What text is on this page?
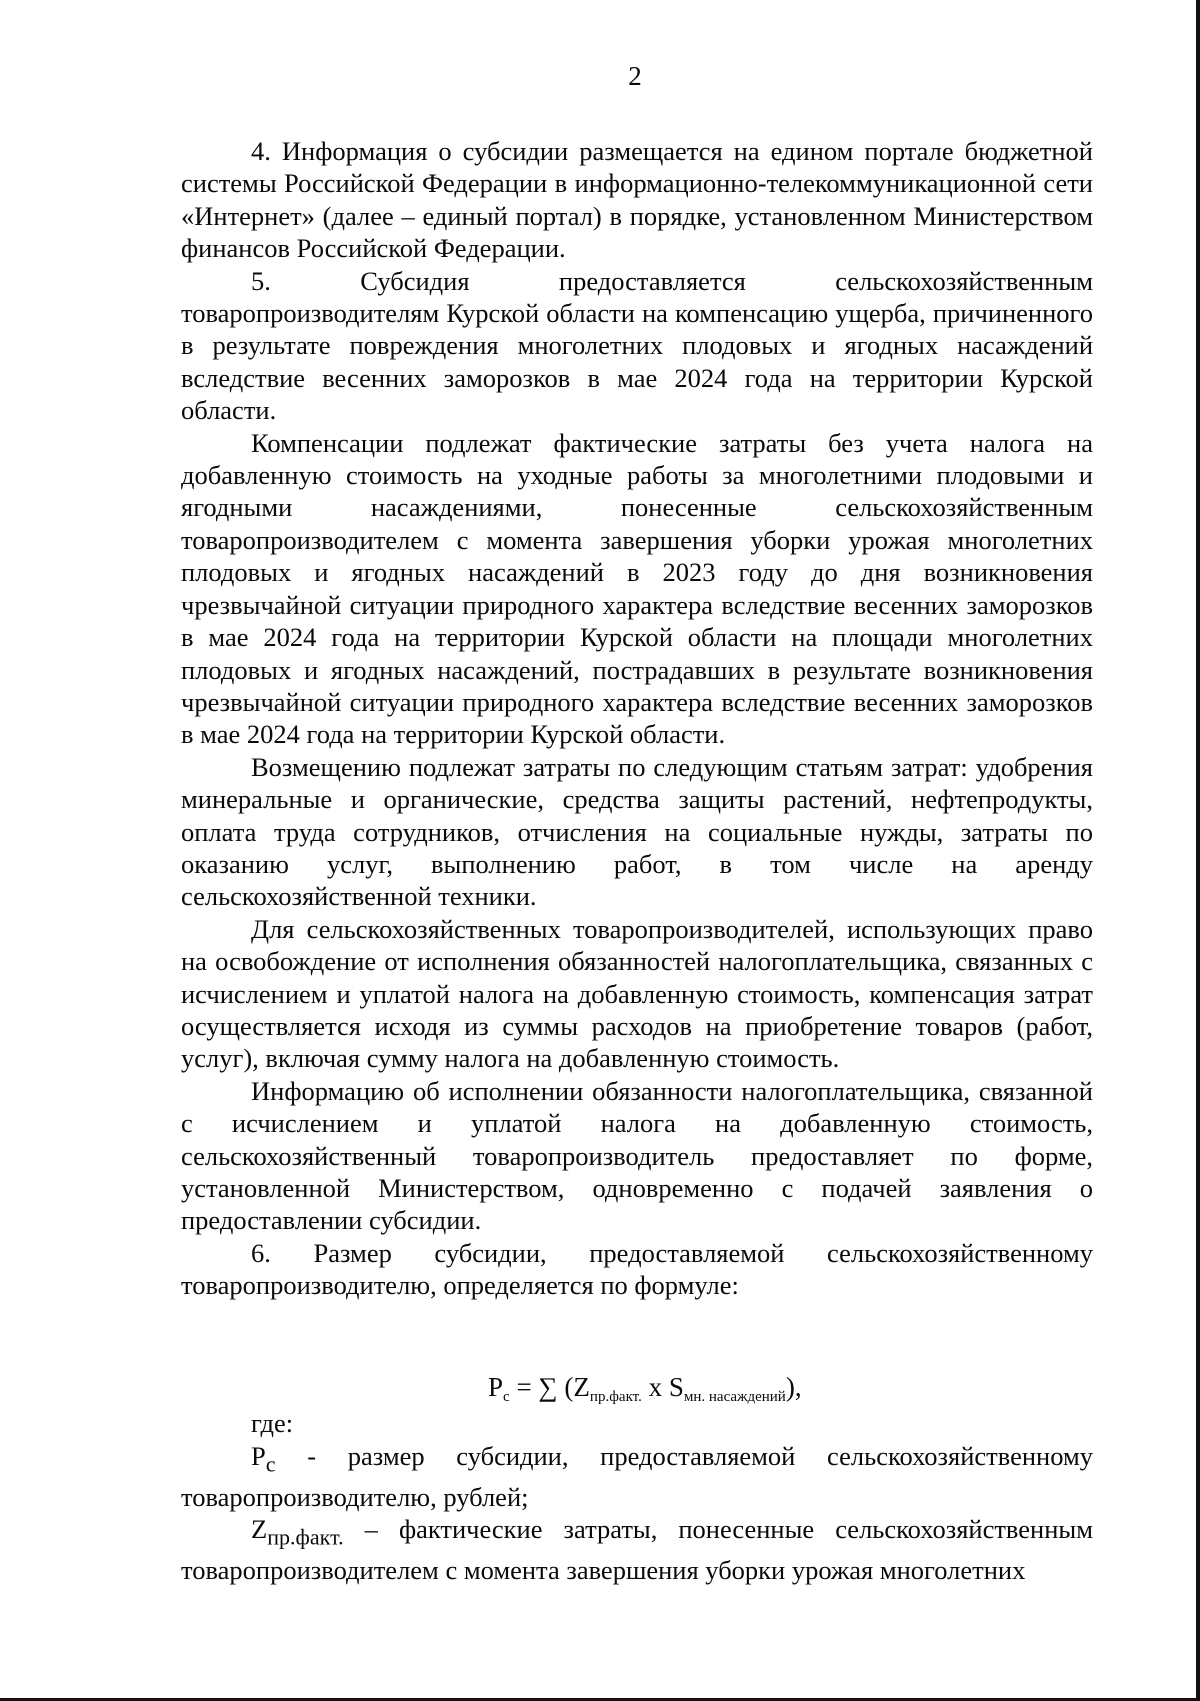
2

4. Информация о субсидии размещается на едином портале бюджетной системы Российской Федерации в информационно-телекоммуникационной сети «Интернет» (далее – единый портал) в порядке, установленном Министерством финансов Российской Федерации.

5. Субсидия предоставляется сельскохозяйственным товаропроизводителям Курской области на компенсацию ущерба, причиненного в результате повреждения многолетних плодовых и ягодных насаждений вследствие весенних заморозков в мае 2024 года на территории Курской области.

Компенсации подлежат фактические затраты без учета налога на добавленную стоимость на уходные работы за многолетними плодовыми и ягодными насаждениями, понесенные сельскохозяйственным товаропроизводителем с момента завершения уборки урожая многолетних плодовых и ягодных насаждений в 2023 году до дня возникновения чрезвычайной ситуации природного характера вследствие весенних заморозков в мае 2024 года на территории Курской области на площади многолетних плодовых и ягодных насаждений, пострадавших в результате возникновения чрезвычайной ситуации природного характера вследствие весенних заморозков в мае 2024 года на территории Курской области.

Возмещению подлежат затраты по следующим статьям затрат: удобрения минеральные и органические, средства защиты растений, нефтепродукты, оплата труда сотрудников, отчисления на социальные нужды, затраты по оказанию услуг, выполнению работ, в том числе на аренду сельскохозяйственной техники.

Для сельскохозяйственных товаропроизводителей, использующих право на освобождение от исполнения обязанностей налогоплательщика, связанных с исчислением и уплатой налога на добавленную стоимость, компенсация затрат осуществляется исходя из суммы расходов на приобретение товаров (работ, услуг), включая сумму налога на добавленную стоимость.

Информацию об исполнении обязанности налогоплательщика, связанной с исчислением и уплатой налога на добавленную стоимость, сельскохозяйственный товаропроизводитель предоставляет по форме, установленной Министерством, одновременно с подачей заявления о предоставлении субсидии.

6. Размер субсидии, предоставляемой сельскохозяйственному товаропроизводителю, определяется по формуле:

$P_с$ = ∑ ($Z_{пр.факт.}$ x $S_{мн. насаждений}$),
где:

$P_с$ - размер субсидии, предоставляемой сельскохозяйственному товаропроизводителю, рублей;

$Z_{пр.факт.}$ – фактические затраты, понесенные сельскохозяйственным товаропроизводителем с момента завершения уборки урожая многолетних
